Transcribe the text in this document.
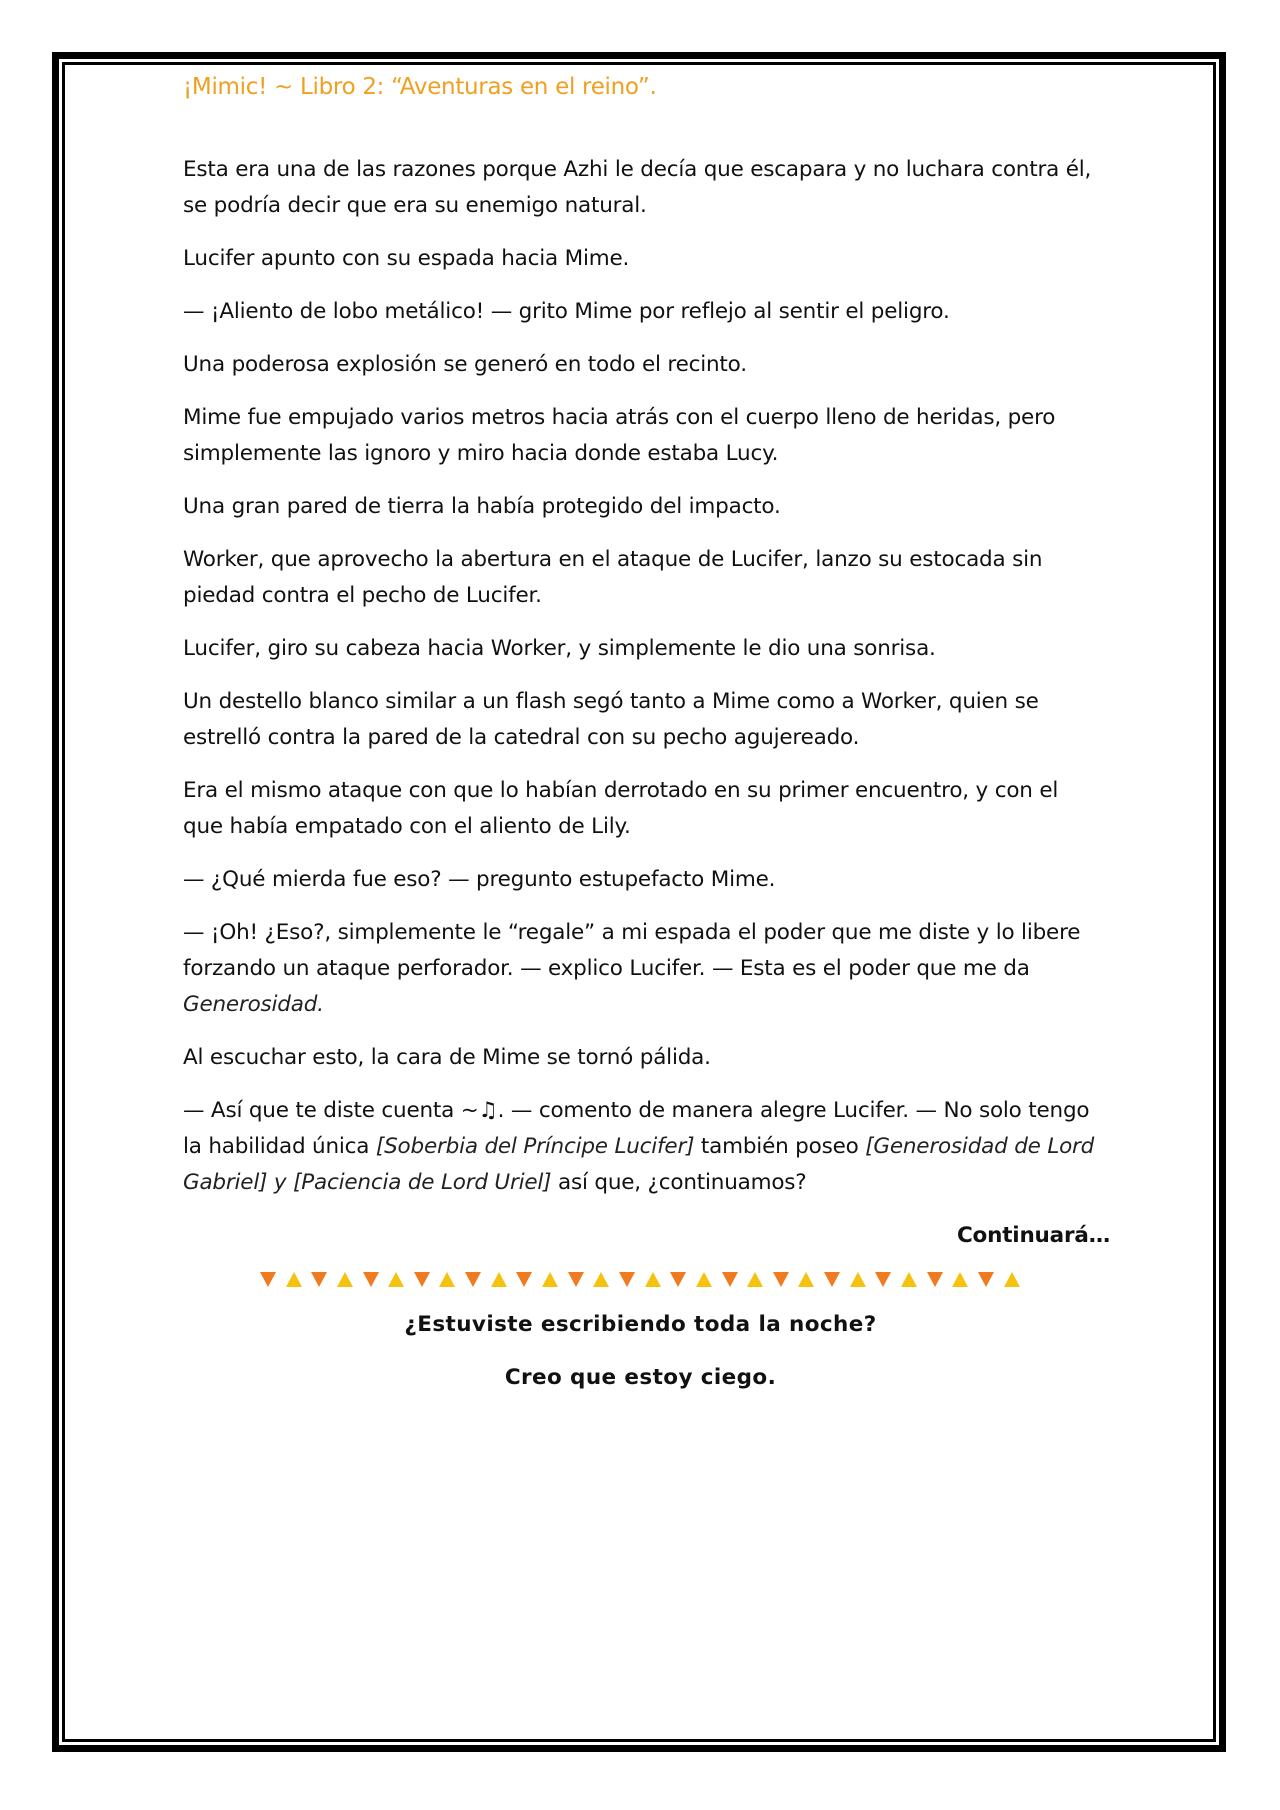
¡Mimic! ~ Libro 2: “Aventuras en el reino”.

Esta era una de las razones porque Azhi le decía que escapara y no luchara contra él, se podría decir que era su enemigo natural.

Lucifer apunto con su espada hacia Mime.

— ¡Aliento de lobo metálico! — grito Mime por reflejo al sentir el peligro.

Una poderosa explosión se generó en todo el recinto.

Mime fue empujado varios metros hacia atrás con el cuerpo lleno de heridas, pero simplemente las ignoro y miro hacia donde estaba Lucy.

Una gran pared de tierra la había protegido del impacto.

Worker, que aprovecho la abertura en el ataque de Lucifer, lanzo su estocada sin piedad contra el pecho de Lucifer.

Lucifer, giro su cabeza hacia Worker, y simplemente le dio una sonrisa.

Un destello blanco similar a un flash segó tanto a Mime como a Worker, quien se estrelló contra la pared de la catedral con su pecho agujereado.

Era el mismo ataque con que lo habían derrotado en su primer encuentro, y con el que había empatado con el aliento de Lily.

— ¿Qué mierda fue eso? — pregunto estupefacto Mime.

— ¡Oh! ¿Eso?, simplemente le “regale” a mi espada el poder que me diste y lo libere forzando un ataque perforador. — explico Lucifer. — Esta es el poder que me da Generosidad.

Al escuchar esto, la cara de Mime se tornó pálida.

— Así que te diste cuenta ~♫. — comento de manera alegre Lucifer. — No solo tengo la habilidad única [Soberbia del Príncipe Lucifer] también poseo [Generosidad de Lord Gabriel] y [Paciencia de Lord Uriel] así que, ¿continuamos?

Continuará…
¿Estuviste escribiendo toda la noche?
Creo que estoy ciego.
